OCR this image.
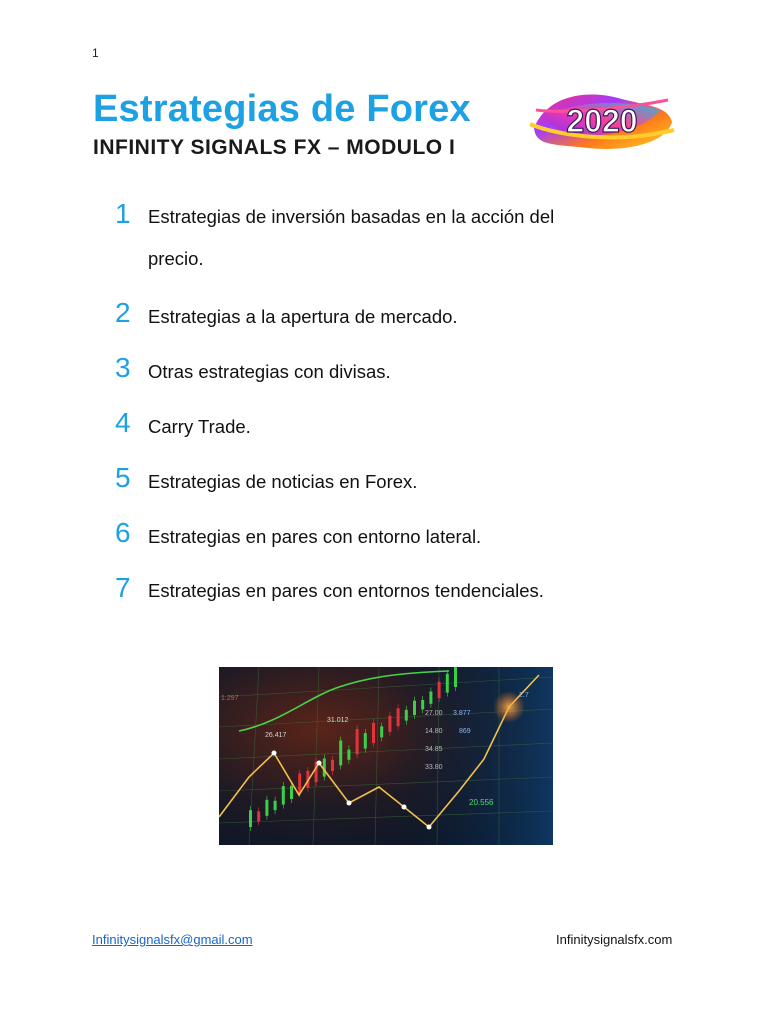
1
Estrategias de Forex
INFINITY SIGNALS FX – MODULO I
2020
1 Estrategias de inversión basadas en la acción del precio.
2 Estrategias a la apertura de mercado.
3 Otras estrategias con divisas.
4 Carry Trade.
5 Estrategias de noticias en Forex.
6 Estrategias en pares con entorno lateral.
7 Estrategias en pares con entornos tendenciales.
31.012
26.417
1.297
3.877
27.00
14.80
34.85
33.80
20.556
2.7
869
Infinitysignalsfx@gmail.com	Infinitysignalsfx.com
